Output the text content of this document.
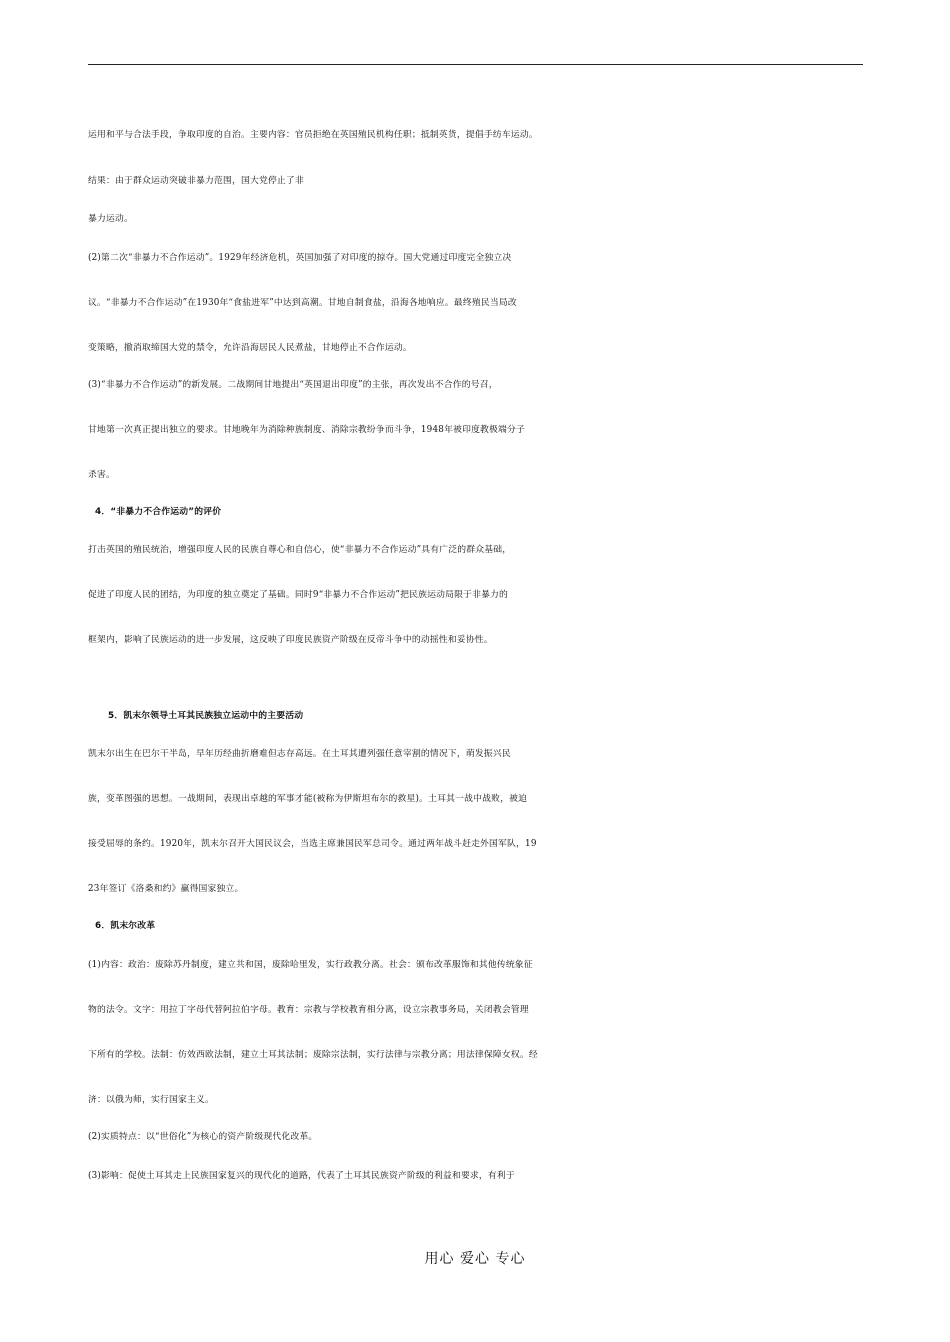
运用和平与合法手段，争取印度的自治。主要内容：官员拒绝在英国殖民机构任职；抵制英货，提倡手纺车运动。
结果：由于群众运动突破非暴力范围，国大党停止了非
暴力运动。
(2)第二次“非暴力不合作运动”。1929年经济危机，英国加强了对印度的掠夺。国大党通过印度完全独立决
议。“非暴力不合作运动”在1930年“食盐进军”中达到高潮。甘地自制食盐，沿海各地响应。最终殖民当局改
变策略，撤消取缔国大党的禁令，允许沿海居民人民煮盐，甘地停止不合作运动。
(3)“非暴力不合作运动”的新发展。二战期间甘地提出“英国退出印度”的主张，再次发出不合作的号召，
甘地第一次真正提出独立的要求。甘地晚年为消除种族制度、消除宗教纷争而斗争，1948年被印度教极端分子
杀害。
4．“非暴力不合作运动”的评价
打击英国的殖民统治，增强印度人民的民族自尊心和自信心，使“非暴力不合作运动”具有广泛的群众基础，
促进了印度人民的团结，为印度的独立奠定了基础。同时9“非暴力不合作运动”把民族运动局限于非暴力的
框架内，影响了民族运动的进一步发展，这反映了印度民族资产阶级在反帝斗争中的动摇性和妥协性。
5．凯末尔领导土耳其民族独立运动中的主要活动
凯末尔出生在巴尔干半岛，早年历经曲折磨难但志存高远。在土耳其遭列强任意宰割的情况下，萌发振兴民
族，变革图强的思想。一战期间，表现出卓越的军事才能(被称为伊斯坦布尔的救星)。土耳其一战中战败，被迫
接受屈辱的条约。1920年，凯末尔召开大国民议会，当选主席兼国民军总司令。通过两年战斗赶走外国军队，19
23年签订《洛桑和约》赢得国家独立。
6．凯末尔改革
(1)内容：政治：废除苏丹制度，建立共和国，废除哈里发，实行政教分离。社会：颁布改革服饰和其他传统象征
物的法令。文字：用拉丁字母代替阿拉伯字母。教育：宗教与学校教育相分离，设立宗教事务局，关闭教会管理
下所有的学校。法制：仿效西欧法制，建立土耳其法制；废除宗法制，实行法律与宗教分离；用法律保障女权。经
济：以俄为师，实行国家主义。
(2)实质特点：以“世俗化”为核心的资产阶级现代化改革。
(3)影响：促使土耳其走上民族国家复兴的现代化的道路，代表了土耳其民族资产阶级的利益和要求，有利于
用心 爱心 专心
